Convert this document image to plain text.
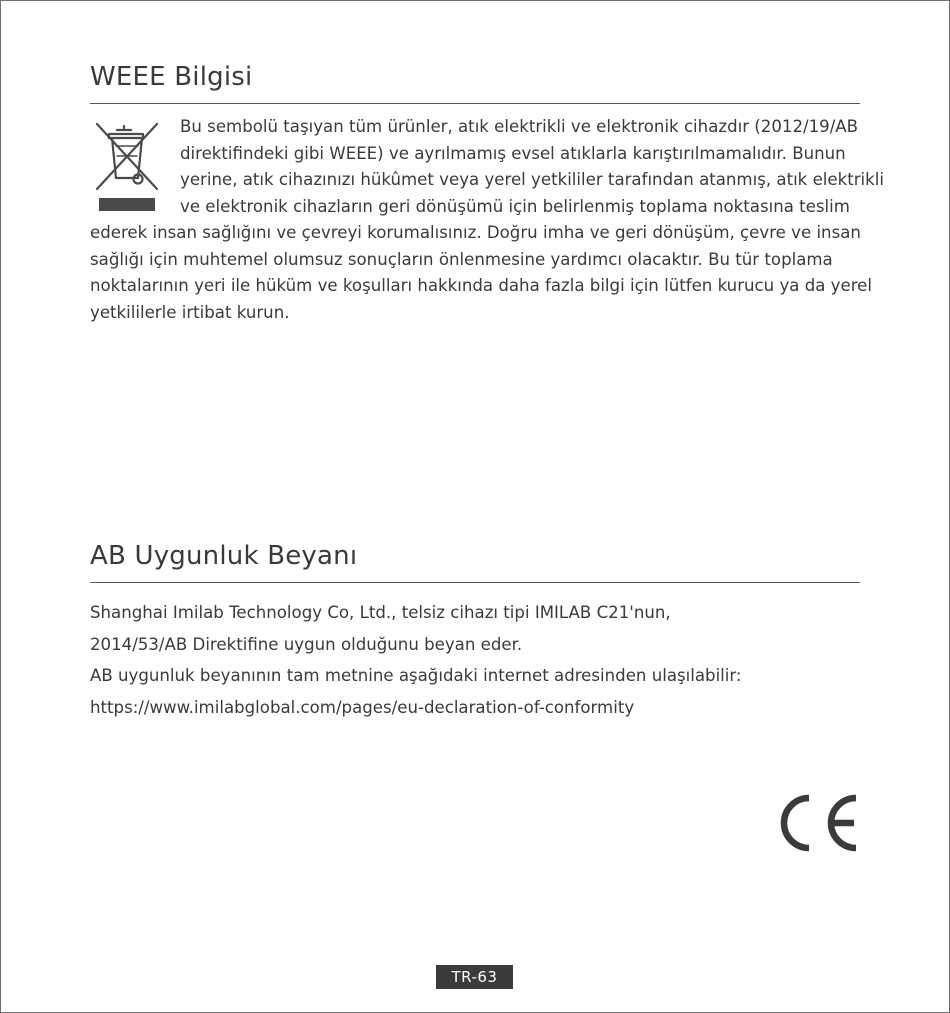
WEEE Bilgisi

Bu sembolü taşıyan tüm ürünler, atık elektrikli ve elektronik cihazdır (2012/19/AB direktifindeki gibi WEEE) ve ayrılmamış evsel atıklarla karıştırılmamalıdır. Bunun yerine, atık cihazınızı hükûmet veya yerel yetkililer tarafından atanmış, atık elektrikli ve elektronik cihazların geri dönüşümü için belirlenmiş toplama noktasına teslim ederek insan sağlığını ve çevreyi korumalısınız. Doğru imha ve geri dönüşüm, çevre ve insan sağlığı için muhtemel olumsuz sonuçların önlenmesine yardımcı olacaktır. Bu tür toplama noktalarının yeri ile hüküm ve koşulları hakkında daha fazla bilgi için lütfen kurucu ya da yerel yetkililerle irtibat kurun.

AB Uygunluk Beyanı
Shanghai Imilab Technology Co, Ltd., telsiz cihazı tipi IMILAB C21'nun,
2014/53/AB Direktifine uygun olduğunu beyan eder.
AB uygunluk beyanının tam metnine aşağıdaki internet adresinden ulaşılabilir:
https://www.imilabglobal.com/pages/eu-declaration-of-conformity
TR-63
